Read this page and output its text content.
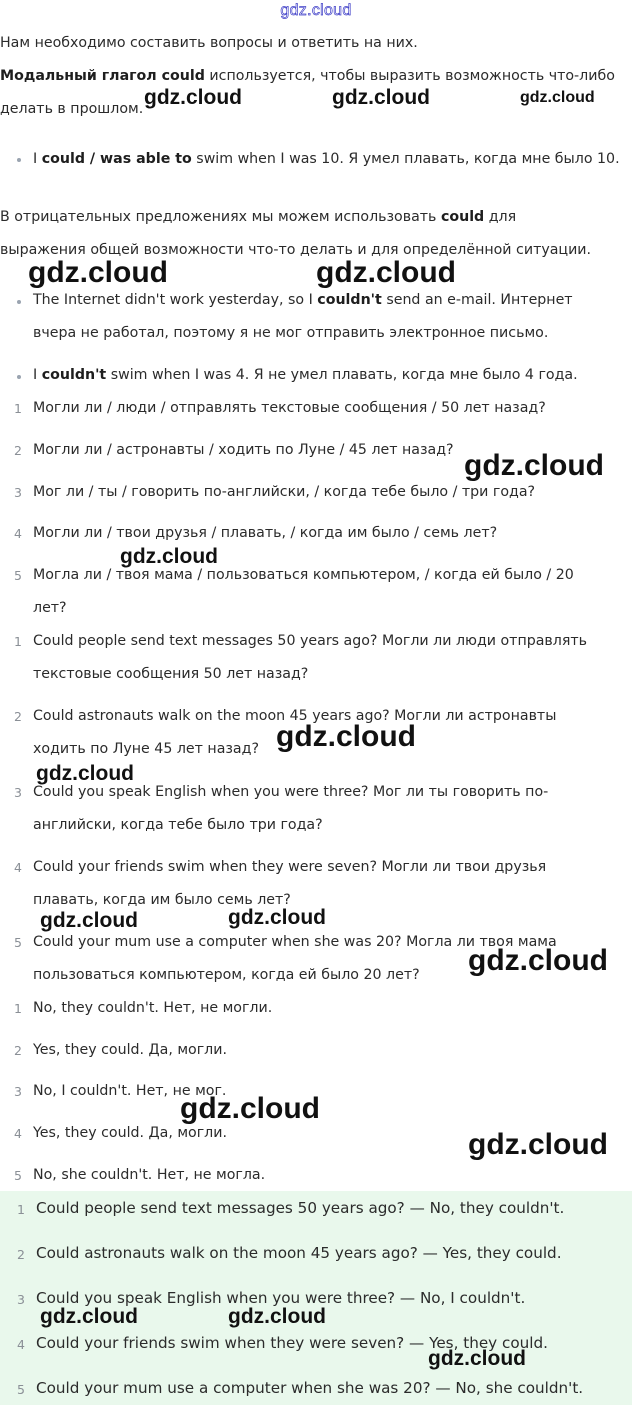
gdz.cloud
Нам необходимо составить вопросы и ответить на них.
Модальный глагол could используется, чтобы выразить возможность что-либо
делать в прошлом.
I could / was able to swim when I was 10. Я умел плавать, когда мне было 10.
В отрицательных предложениях мы можем использовать could для
выражения общей возможности что-то делать и для определённой ситуации.
The Internet didn't work yesterday, so I couldn't send an e-mail. Интернет
вчера не работал, поэтому я не мог отправить электронное письмо.
I couldn't swim when I was 4. Я не умел плавать, когда мне было 4 года.
1 Могли ли / люди / отправлять текстовые сообщения / 50 лет назад?
2 Могли ли / астронавты / ходить по Луне / 45 лет назад?
3 Мог ли / ты / говорить по-английски, / когда тебе было / три года?
4 Могли ли / твои друзья / плавать, / когда им было / семь лет?
5 Могла ли / твоя мама / пользоваться компьютером, / когда ей было / 20
лет?
1 Could people send text messages 50 years ago? Могли ли люди отправлять
текстовые сообщения 50 лет назад?
2 Could astronauts walk on the moon 45 years ago? Могли ли астронавты
ходить по Луне 45 лет назад?
3 Could you speak English when you were three? Мог ли ты говорить по-
английски, когда тебе было три года?
4 Could your friends swim when they were seven? Могли ли твои друзья
плавать, когда им было семь лет?
5 Could your mum use a computer when she was 20? Могла ли твоя мама
пользоваться компьютером, когда ей было 20 лет?
1 No, they couldn't. Нет, не могли.
2 Yes, they could. Да, могли.
3 No, I couldn't. Нет, не мог.
4 Yes, they could. Да, могли.
5 No, she couldn't. Нет, не могла.
1 Could people send text messages 50 years ago? — No, they couldn't.
2 Could astronauts walk on the moon 45 years ago? — Yes, they could.
3 Could you speak English when you were three? — No, I couldn't.
4 Could your friends swim when they were seven? — Yes, they could.
5 Could your mum use a computer when she was 20? — No, she couldn't.
gdz.cloud	gdz.cloud	gdz.cloud
gdz.cloud	gdz.cloud
gdz.cloud
gdz.cloud
gdz.cloud
gdz.cloud
gdz.cloud	gdz.cloud
gdz.cloud
gdz.cloud
gdz.cloud
gdz.cloud	gdz.cloud
gdz.cloud
